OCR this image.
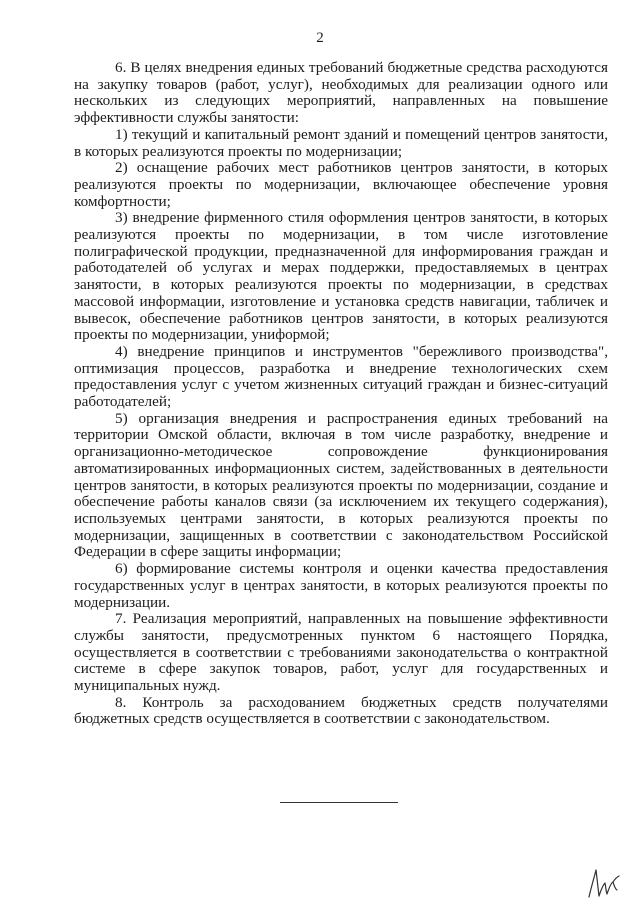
2

6. В целях внедрения единых требований бюджетные средства расходуются на закупку товаров (работ, услуг), необходимых для реализации одного или нескольких из следующих мероприятий, направленных на повышение эффективности службы занятости:

1) текущий и капитальный ремонт зданий и помещений центров занятости, в которых реализуются проекты по модернизации;

2) оснащение рабочих мест работников центров занятости, в которых реализуются проекты по модернизации, включающее обеспечение уровня комфортности;

3) внедрение фирменного стиля оформления центров занятости, в которых реализуются проекты по модернизации, в том числе изготовление полиграфической продукции, предназначенной для информирования граждан и работодателей об услугах и мерах поддержки, предоставляемых в центрах занятости, в которых реализуются проекты по модернизации, в средствах массовой информации, изготовление и установка средств навигации, табличек и вывесок, обеспечение работников центров занятости, в которых реализуются проекты по модернизации, униформой;

4) внедрение принципов и инструментов "бережливого производства", оптимизация процессов, разработка и внедрение технологических схем предоставления услуг с учетом жизненных ситуаций граждан и бизнес-ситуаций работодателей;

5) организация внедрения и распространения единых требований на территории Омской области, включая в том числе разработку, внедрение и организационно-методическое сопровождение функционирования автоматизированных информационных систем, задействованных в деятельности центров занятости, в которых реализуются проекты по модернизации, создание и обеспечение работы каналов связи (за исключением их текущего содержания), используемых центрами занятости, в которых реализуются проекты по модернизации, защищенных в соответствии с законодательством Российской Федерации в сфере защиты информации;

6) формирование системы контроля и оценки качества предоставления государственных услуг в центрах занятости, в которых реализуются проекты по модернизации.

7. Реализация мероприятий, направленных на повышение эффективности службы занятости, предусмотренных пунктом 6 настоящего Порядка, осуществляется в соответствии с требованиями законодательства о контрактной системе в сфере закупок товаров, работ, услуг для государственных и муниципальных нужд.

8. Контроль за расходованием бюджетных средств получателями бюджетных средств осуществляется в соответствии с законодательством.
